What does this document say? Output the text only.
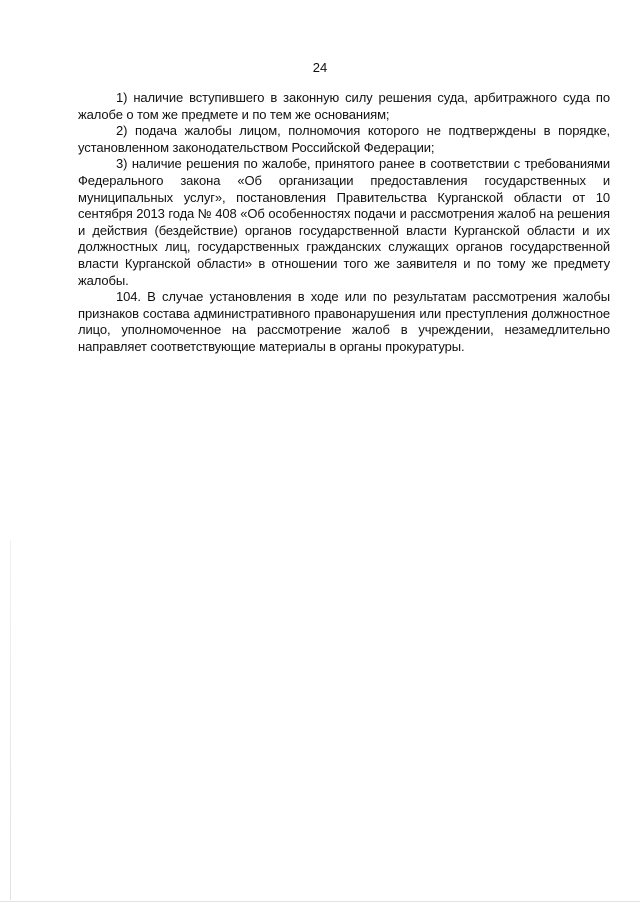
24

1) наличие вступившего в законную силу решения суда, арбитражного суда по жалобе о том же предмете и по тем же основаниям;

2) подача жалобы лицом, полномочия которого не подтверждены в порядке, установленном законодательством Российской Федерации;

3) наличие решения по жалобе, принятого ранее в соответствии с требованиями Федерального закона «Об организации предоставления государственных и муниципальных услуг», постановления Правительства Курганской области от 10 сентября 2013 года № 408 «Об особенностях подачи и рассмотрения жалоб на решения и действия (бездействие) органов государственной власти Курганской области и их должностных лиц, государственных гражданских служащих органов государственной власти Курганской области» в отношении того же заявителя и по тому же предмету жалобы.

104. В случае установления в ходе или по результатам рассмотрения жалобы признаков состава административного правонарушения или преступления должностное лицо, уполномоченное на рассмотрение жалоб в учреждении, незамедлительно направляет соответствующие материалы в органы прокуратуры.
